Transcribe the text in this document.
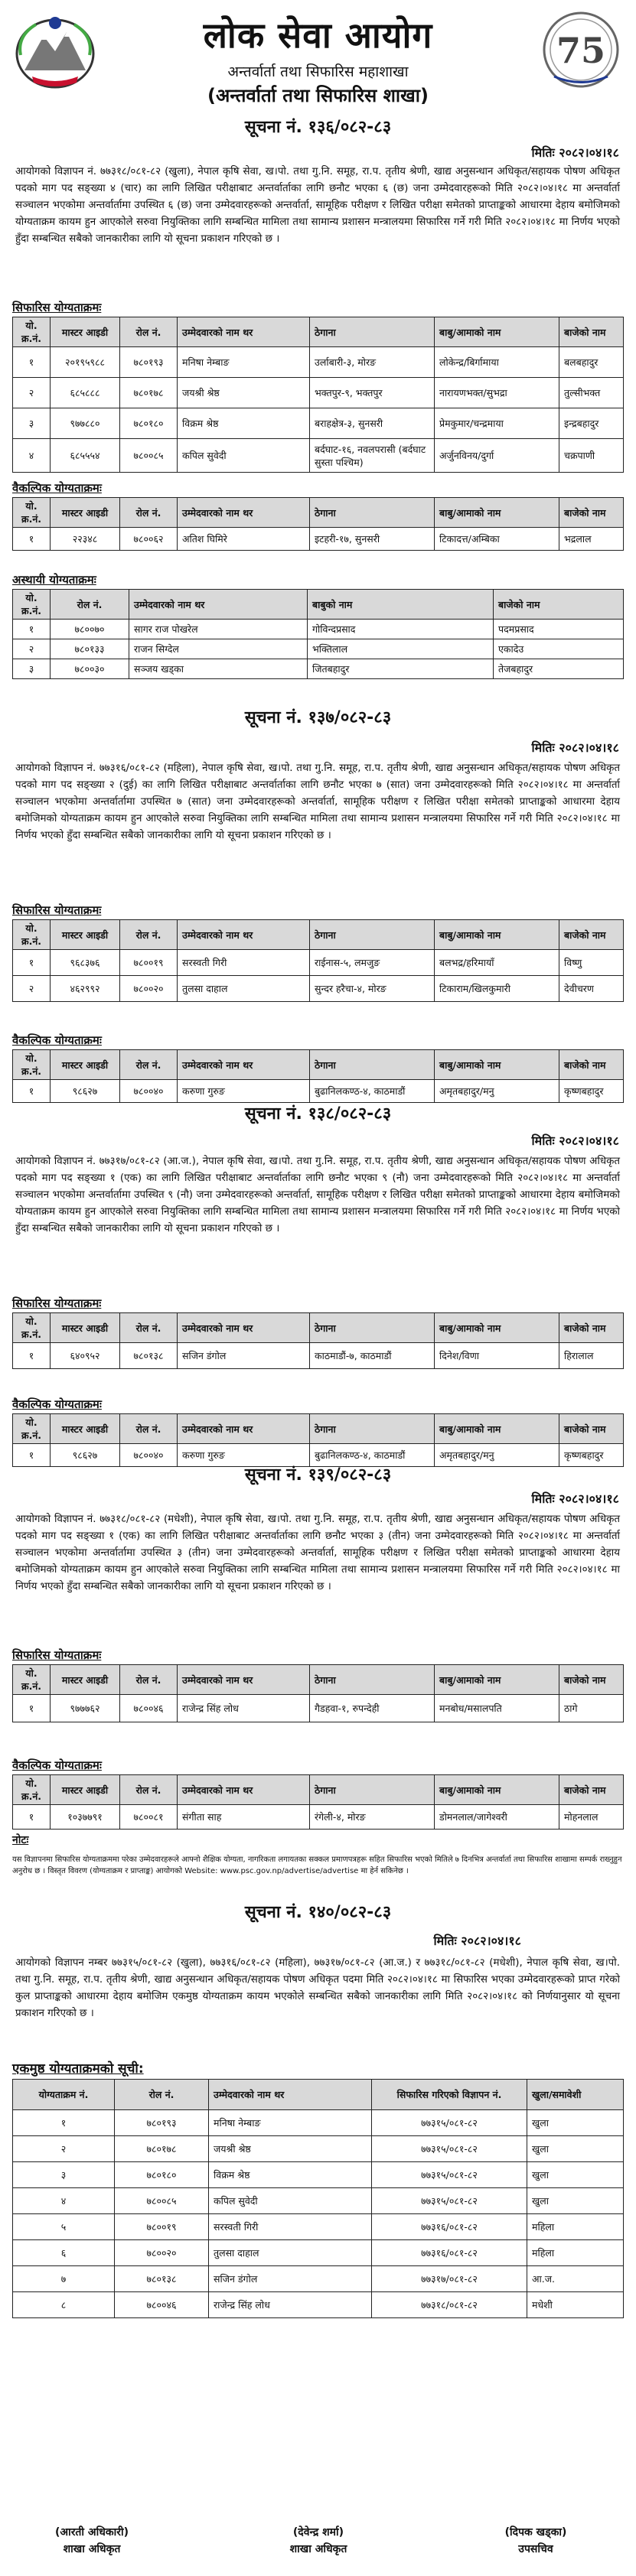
लोक सेवा आयोग
अन्तर्वार्ता तथा सिफारिस महाशाखा
(अन्तर्वार्ता तथा सिफारिस शाखा)
75
सूचना नं. १३६/०८२-८३
मितिः २०८२।०४।१८
आयोगको विज्ञापन नं. ७७३१८/०८१-८२ (खुला), नेपाल कृषि सेवा, ख।पो. तथा गु.नि. समूह, रा.प. तृतीय श्रेणी, खाद्य अनुसन्धान अधिकृत/सहायक पोषण अधिकृत पदको माग पद सङ्ख्या ४ (चार) का लागि लिखित परीक्षाबाट अन्तर्वार्ताका लागि छनौट भएका ६ (छ) जना उम्मेदवारहरूको मिति २०८२।०४।१८ मा अन्तर्वार्ता सञ्चालन भएकोमा अन्तर्वार्तामा उपस्थित ६ (छ) जना उम्मेदवारहरूको अन्तर्वार्ता, सामूहिक परीक्षण र लिखित परीक्षा समेतको प्राप्ताङ्कको आधारमा देहाय बमोजिमको योग्यताक्रम कायम हुन आएकोले सरुवा नियुक्तिका लागि सम्बन्धित मामिला तथा सामान्य प्रशासन मन्त्रालयमा सिफारिस गर्ने गरी मिति २०८२।०४।१८ मा निर्णय भएको हुँदा सम्बन्धित सबैको जानकारीका लागि यो सूचना प्रकाशन गरिएको छ ।
सिफारिस योग्यताक्रमः
यो. क्र.नं.	मास्टर आइडी	रोल नं.	उम्मेदवारको नाम थर	ठेगाना	बाबु/आमाको नाम	बाजेको नाम
१	२०१९५९८८	७८०१९३	मनिषा नेम्बाङ	उर्लाबारी-३, मोरङ	लोकेन्द्र/बिर्गामाया	बलबहादुर
२	६८५८८८	७८०१७८	जयश्री श्रेष्ठ	भक्तपुर-९, भक्तपुर	नारायणभक्त/सुभद्रा	तुल्सीभक्त
३	९७७८८०	७८०१८०	विक्रम श्रेष्ठ	बराहक्षेत्र-३, सुनसरी	प्रेमकुमार/चन्द्रमाया	इन्द्रबहादुर
४	६८५५५४	७८००८५	कपिल सुवेदी	बर्दघाट-१६, नवलपरासी (बर्दघाट सुस्ता पश्चिम)	अर्जुनविनय/दुर्गा	चक्रपाणी
वैकल्पिक योग्यताक्रमः
यो. क्र.नं.	मास्टर आइडी	रोल नं.	उम्मेदवारको नाम थर	ठेगाना	बाबु/आमाको नाम	बाजेको नाम
१	२२३४८	७८००६२	अतिश घिमिरे	इटहरी-१७, सुनसरी	टिकादत्त/अम्बिका	भद्रलाल
अस्थायी योग्यताक्रमः
यो. क्र.नं.	रोल नं.	उम्मेदवारको नाम थर	बाबुको नाम	बाजेको नाम
१	७८००७०	सागर राज पोखरेल	गोविन्दप्रसाद	पदमप्रसाद
२	७८०१३३	राजन सिग्देल	भक्तिलाल	एकादेउ
३	७८००३०	सञ्जय खड्का	जितबहादुर	तेजबहादुर
सूचना नं. १३७/०८२-८३
मितिः २०८२।०४।१८
आयोगको विज्ञापन नं. ७७३१६/०८१-८२ (महिला), नेपाल कृषि सेवा, ख।पो. तथा गु.नि. समूह, रा.प. तृतीय श्रेणी, खाद्य अनुसन्धान अधिकृत/सहायक पोषण अधिकृत पदको माग पद सङ्ख्या २ (दुई) का लागि लिखित परीक्षाबाट अन्तर्वार्ताका लागि छनौट भएका ७ (सात) जना उम्मेदवारहरूको मिति २०८२।०४।१८ मा अन्तर्वार्ता सञ्चालन भएकोमा अन्तर्वार्तामा उपस्थित ७ (सात) जना उम्मेदवारहरूको अन्तर्वार्ता, सामूहिक परीक्षण र लिखित परीक्षा समेतको प्राप्ताङ्कको आधारमा देहाय बमोजिमको योग्यताक्रम कायम हुन आएकोले सरुवा नियुक्तिका लागि सम्बन्धित मामिला तथा सामान्य प्रशासन मन्त्रालयमा सिफारिस गर्ने गरी मिति २०८२।०४।१८ मा निर्णय भएको हुँदा सम्बन्धित सबैको जानकारीका लागि यो सूचना प्रकाशन गरिएको छ ।
सिफारिस योग्यताक्रमः
यो. क्र.नं.	मास्टर आइडी	रोल नं.	उम्मेदवारको नाम थर	ठेगाना	बाबु/आमाको नाम	बाजेको नाम
१	९६८३७६	७८००१९	सरस्वती गिरी	राईनास-५, लमजुङ	बलभद्र/हरिमायाँ	विष्णु
२	४६२९९२	७८००२०	तुलसा दाहाल	सुन्दर हरैचा-४, मोरङ	टिकाराम/खिलकुमारी	देवीचरण
वैकल्पिक योग्यताक्रमः
यो. क्र.नं.	मास्टर आइडी	रोल नं.	उम्मेदवारको नाम थर	ठेगाना	बाबु/आमाको नाम	बाजेको नाम
१	९८६२७	७८००४०	करुणा गुरुङ	बुढानिलकण्ठ-४, काठमाडौं	अमृतबहादुर/मनु	कृष्णबहादुर
सूचना नं. १३८/०८२-८३
मितिः २०८२।०४।१८
आयोगको विज्ञापन नं. ७७३१७/०८१-८२ (आ.ज.), नेपाल कृषि सेवा, ख।पो. तथा गु.नि. समूह, रा.प. तृतीय श्रेणी, खाद्य अनुसन्धान अधिकृत/सहायक पोषण अधिकृत पदको माग पद सङ्ख्या १ (एक) का लागि लिखित परीक्षाबाट अन्तर्वार्ताका लागि छनौट भएका ९ (नौ) जना उम्मेदवारहरूको मिति २०८२।०४।१८ मा अन्तर्वार्ता सञ्चालन भएकोमा अन्तर्वार्तामा उपस्थित ९ (नौ) जना उम्मेदवारहरूको अन्तर्वार्ता, सामूहिक परीक्षण र लिखित परीक्षा समेतको प्राप्ताङ्कको आधारमा देहाय बमोजिमको योग्यताक्रम कायम हुन आएकोले सरुवा नियुक्तिका लागि सम्बन्धित मामिला तथा सामान्य प्रशासन मन्त्रालयमा सिफारिस गर्ने गरी मिति २०८२।०४।१८ मा निर्णय भएको हुँदा सम्बन्धित सबैको जानकारीका लागि यो सूचना प्रकाशन गरिएको छ ।
सिफारिस योग्यताक्रमः
यो. क्र.नं.	मास्टर आइडी	रोल नं.	उम्मेदवारको नाम थर	ठेगाना	बाबु/आमाको नाम	बाजेको नाम
१	६४०९५२	७८०१३८	सजिन डंगोल	काठमाडौं-७, काठमाडौं	दिनेश/विणा	हिरालाल
वैकल्पिक योग्यताक्रमः
यो. क्र.नं.	मास्टर आइडी	रोल नं.	उम्मेदवारको नाम थर	ठेगाना	बाबु/आमाको नाम	बाजेको नाम
१	९८६२७	७८००४०	करुणा गुरुङ	बुढानिलकण्ठ-४, काठमाडौं	अमृतबहादुर/मनु	कृष्णबहादुर
सूचना नं. १३९/०८२-८३
मितिः २०८२।०४।१८
आयोगको विज्ञापन नं. ७७३१८/०८१-८२ (मधेशी), नेपाल कृषि सेवा, ख।पो. तथा गु.नि. समूह, रा.प. तृतीय श्रेणी, खाद्य अनुसन्धान अधिकृत/सहायक पोषण अधिकृत पदको माग पद सङ्ख्या १ (एक) का लागि लिखित परीक्षाबाट अन्तर्वार्ताका लागि छनौट भएका ३ (तीन) जना उम्मेदवारहरूको मिति २०८२।०४।१८ मा अन्तर्वार्ता सञ्चालन भएकोमा अन्तर्वार्तामा उपस्थित ३ (तीन) जना उम्मेदवारहरूको अन्तर्वार्ता, सामूहिक परीक्षण र लिखित परीक्षा समेतको प्राप्ताङ्कको आधारमा देहाय बमोजिमको योग्यताक्रम कायम हुन आएकोले सरुवा नियुक्तिका लागि सम्बन्धित मामिला तथा सामान्य प्रशासन मन्त्रालयमा सिफारिस गर्ने गरी मिति २०८२।०४।१८ मा निर्णय भएको हुँदा सम्बन्धित सबैको जानकारीका लागि यो सूचना प्रकाशन गरिएको छ ।
सिफारिस योग्यताक्रमः
यो. क्र.नं.	मास्टर आइडी	रोल नं.	उम्मेदवारको नाम थर	ठेगाना	बाबु/आमाको नाम	बाजेको नाम
१	९७७७६२	७८००४६	राजेन्द्र सिंह लोध	गैडहवा-१, रुपन्देही	मनबोध/मसालपति	ठागे
वैकल्पिक योग्यताक्रमः
यो. क्र.नं.	मास्टर आइडी	रोल नं.	उम्मेदवारको नाम थर	ठेगाना	बाबु/आमाको नाम	बाजेको नाम
१	१०३७७९१	७८००८१	संगीता साह	रंगेली-४, मोरङ	डोमनलाल/जागेश्वरी	मोहनलाल
नोटः
यस विज्ञापनमा सिफारिस योग्यताक्रममा परेका उम्मेदवारहरूले आफ्नो शैक्षिक योग्यता, नागरिकता लगायतका सक्कल प्रमाणपत्रहरू सहित सिफारिस भएको मितिले ७ दिनभित्र अन्तर्वार्ता तथा सिफारिस शाखामा सम्पर्क राख्नुहुन अनुरोध छ । विस्तृत विवरण (योग्यताक्रम र प्राप्ताङ्क) आयोगको Website: www.psc.gov.np/advertise/advertise मा हेर्न सकिनेछ ।
सूचना नं. १४०/०८२-८३
मितिः २०८२।०४।१८
आयोगको विज्ञापन नम्बर ७७३१५/०८१-८२ (खुला), ७७३१६/०८१-८२ (महिला), ७७३१७/०८१-८२ (आ.ज.) र ७७३१८/०८१-८२ (मधेशी), नेपाल कृषि सेवा, ख।पो. तथा गु.नि. समूह, रा.प. तृतीय श्रेणी, खाद्य अनुसन्धान अधिकृत/सहायक पोषण अधिकृत पदमा मिति २०८२।०४।१८ मा सिफारिस भएका उम्मेदवारहरूको प्राप्त गरेको कुल प्राप्ताङ्कको आधारमा देहाय बमोजिम एकमुष्ठ योग्यताक्रम कायम भएकोले सम्बन्धित सबैको जानकारीका लागि मिति २०८२।०४।१८ को निर्णयानुसार यो सूचना प्रकाशन गरिएको छ ।
एकमुष्ठ योग्यताक्रमको सूची:
योग्यताक्रम नं.	रोल नं.	उम्मेदवारको नाम थर	सिफारिस गरिएको विज्ञापन नं.	खुला/समावेशी
१	७८०१९३	मनिषा नेम्बाङ	७७३१५/०८१-८२	खुला
२	७८०१७८	जयश्री श्रेष्ठ	७७३१५/०८१-८२	खुला
३	७८०१८०	विक्रम श्रेष्ठ	७७३१५/०८१-८२	खुला
४	७८००८५	कपिल सुवेदी	७७३१५/०८१-८२	खुला
५	७८००१९	सरस्वती गिरी	७७३१६/०८१-८२	महिला
६	७८००२०	तुलसा दाहाल	७७३१६/०८१-८२	महिला
७	७८०१३८	सजिन डंगोल	७७३१७/०८१-८२	आ.ज.
८	७८००४६	राजेन्द्र सिंह लोध	७७३१८/०८१-८२	मधेशी
(आरती अधिकारी)
शाखा अधिकृत
(देवेन्द्र शर्मा)
शाखा अधिकृत
(दिपक खड्का)
उपसचिव
